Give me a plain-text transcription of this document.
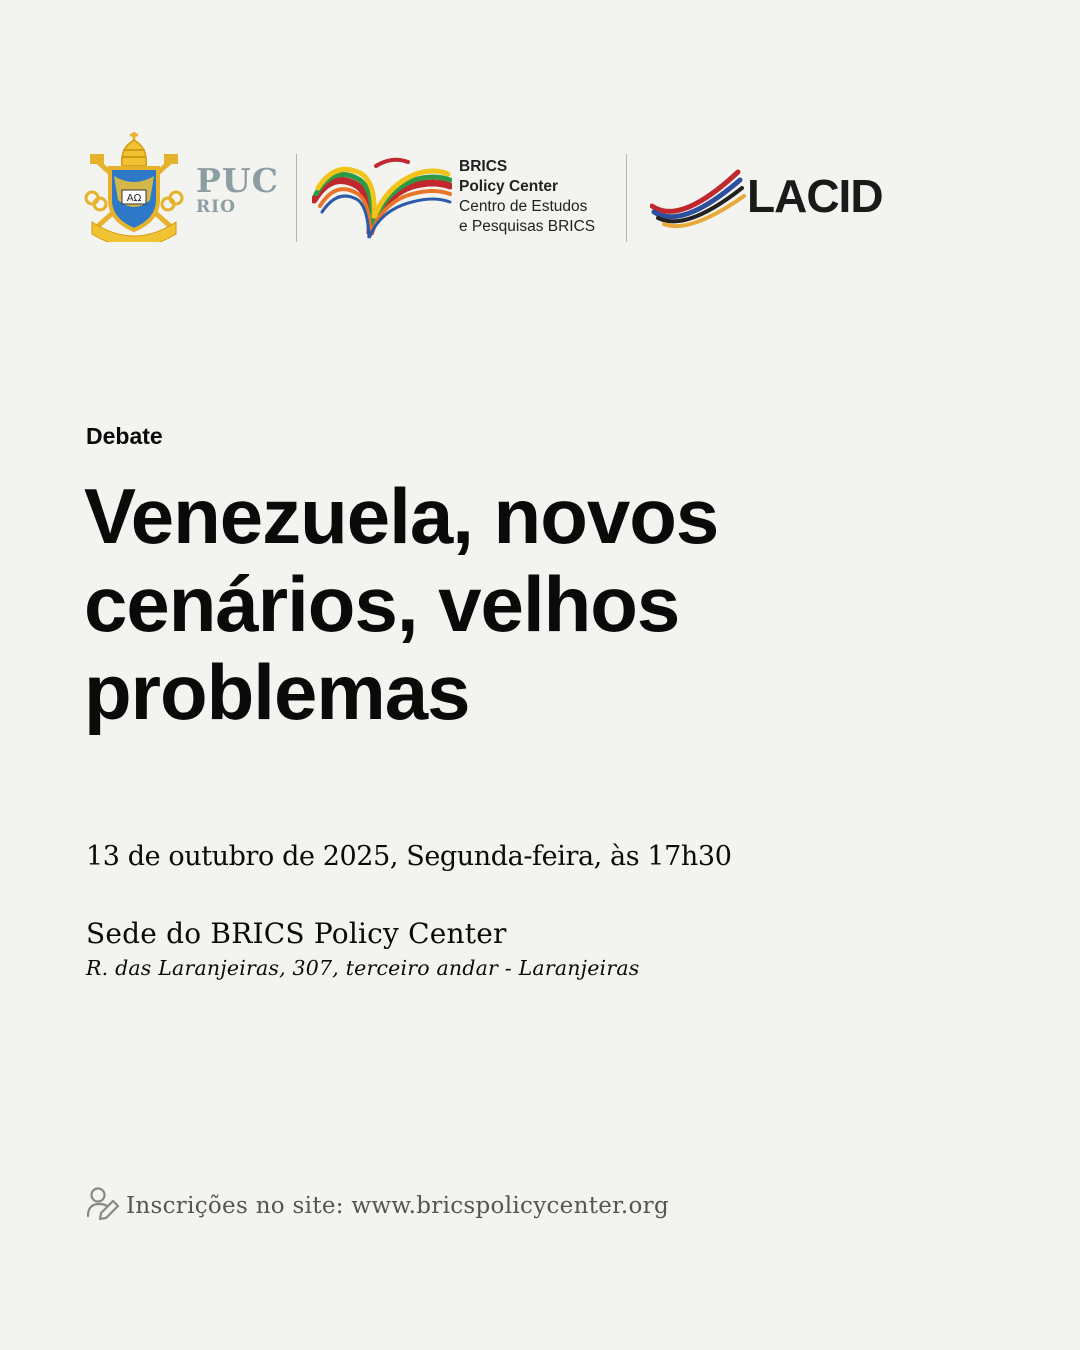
ΑΩ PUC
RIO
BRICS
Policy Center
Centro de Estudos
e Pesquisas BRICS
LACID
Debate
Venezuela, novos
cenários, velhos
problemas
13 de outubro de 2025, Segunda-feira, às 17h30
Sede do BRICS Policy Center
R. das Laranjeiras, 307, terceiro andar - Laranjeiras
Inscrições no site: www.bricspolicycenter.org
